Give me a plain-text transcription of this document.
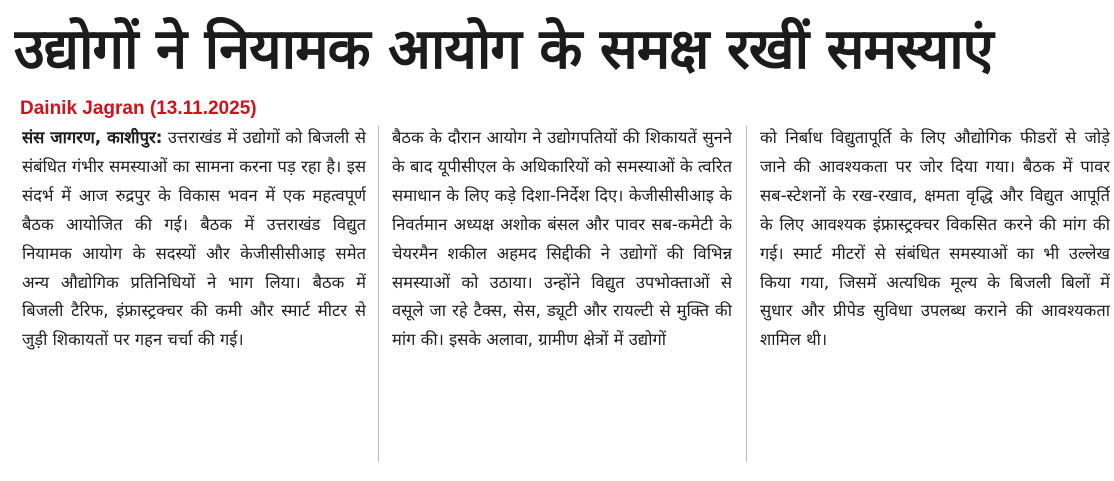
उद्योगों ने नियामक आयोग के समक्ष रखीं समस्याएं
Dainik Jagran (13.11.2025)
संस जागरण, काशीपुर: उत्तराखंड में उद्योगों को बिजली से संबंधित गंभीर समस्याओं का सामना करना पड़ रहा है। इस संदर्भ में आज रुद्रपुर के विकास भवन में एक महत्वपूर्ण बैठक आयोजित की गई। बैठक में उत्तराखंड विद्युत नियामक आयोग के सदस्यों और केजीसीसीआइ समेत अन्य औद्योगिक प्रतिनिधियों ने भाग लिया। बैठक में बिजली टैरिफ, इंफ्रास्ट्रक्चर की कमी और स्मार्ट मीटर से जुड़ी शिकायतों पर गहन चर्चा की गई।
बैठक के दौरान आयोग ने उद्योगपतियों की शिकायतें सुनने के बाद यूपीसीएल के अधिकारियों को समस्याओं के त्वरित समाधान के लिए कड़े दिशा-निर्देश दिए। केजीसीसीआइ के निवर्तमान अध्यक्ष अशोक बंसल और पावर सब-कमेटी के चेयरमैन शकील अहमद सिद्दीकी ने उद्योगों की विभिन्न समस्याओं को उठाया। उन्होंने विद्युत उपभोक्ताओं से वसूले जा रहे टैक्स, सेस, ड्यूटी और रायल्टी से मुक्ति की मांग की। इसके अलावा, ग्रामीण क्षेत्रों में उद्योगों
को निर्बाध विद्युतापूर्ति के लिए औद्योगिक फीडरों से जोड़े जाने की आवश्यकता पर जोर दिया गया। बैठक में पावर सब-स्टेशनों के रख-रखाव, क्षमता वृद्धि और विद्युत आपूर्ति के लिए आवश्यक इंफ्रास्ट्रक्चर विकसित करने की मांग की गई। स्मार्ट मीटरों से संबंधित समस्याओं का भी उल्लेख किया गया, जिसमें अत्यधिक मूल्य के बिजली बिलों में सुधार और प्रीपेड सुविधा उपलब्ध कराने की आवश्यकता शामिल थी।
